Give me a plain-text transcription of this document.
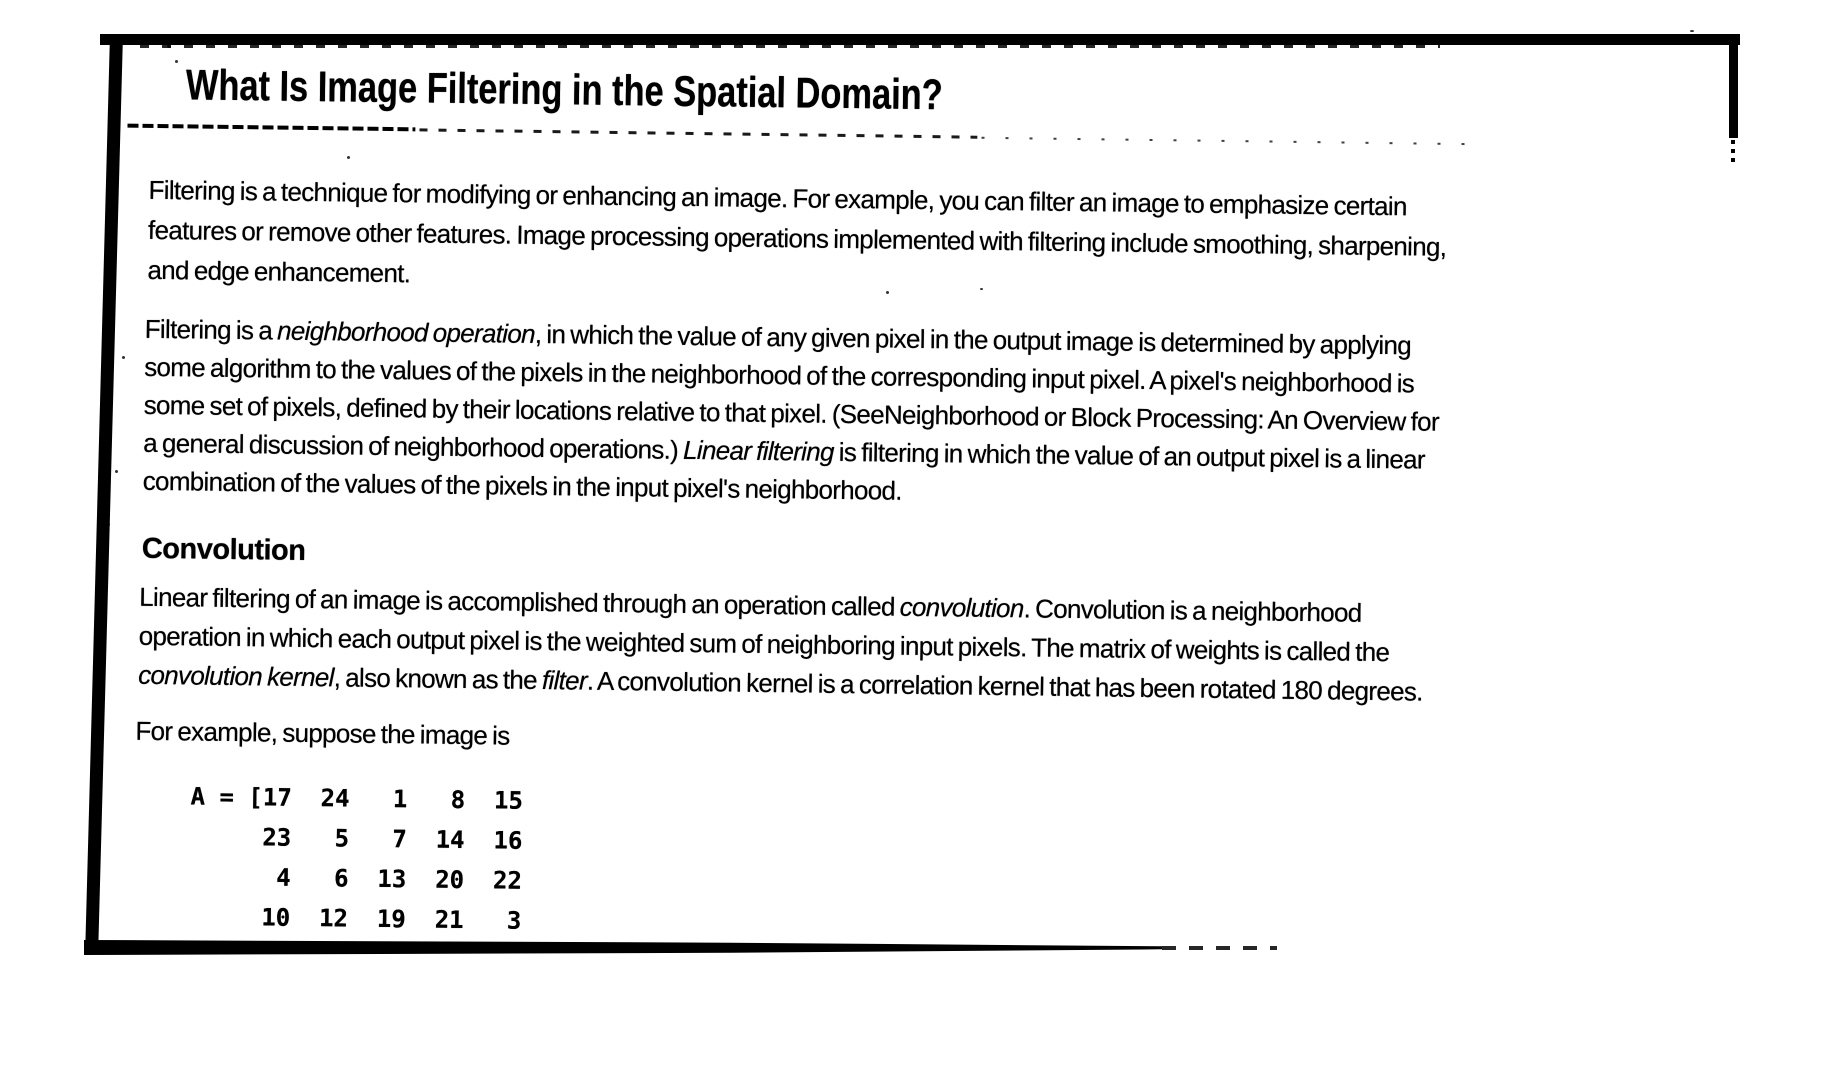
What Is Image Filtering in the Spatial Domain?
Filtering is a technique for modifying or enhancing an image. For example, you can filter an image to emphasize certain
features or remove other features. Image processing operations implemented with filtering include smoothing, sharpening,
and edge enhancement.
Filtering is a neighborhood operation, in which the value of any given pixel in the output image is determined by applying
some algorithm to the values of the pixels in the neighborhood of the corresponding input pixel. A pixel's neighborhood is
some set of pixels, defined by their locations relative to that pixel. (SeeNeighborhood or Block Processing: An Overview for
a general discussion of neighborhood operations.) Linear filtering is filtering in which the value of an output pixel is a linear
combination of the values of the pixels in the input pixel's neighborhood.
Convolution
Linear filtering of an image is accomplished through an operation called convolution. Convolution is a neighborhood
operation in which each output pixel is the weighted sum of neighboring input pixels. The matrix of weights is called the
convolution kernel, also known as the filter. A convolution kernel is a correlation kernel that has been rotated 180 degrees.
For example, suppose the image is
A = [17  24   1   8  15
23   5   7  14  16
4   6  13  20  22
10  12  19  21   3
